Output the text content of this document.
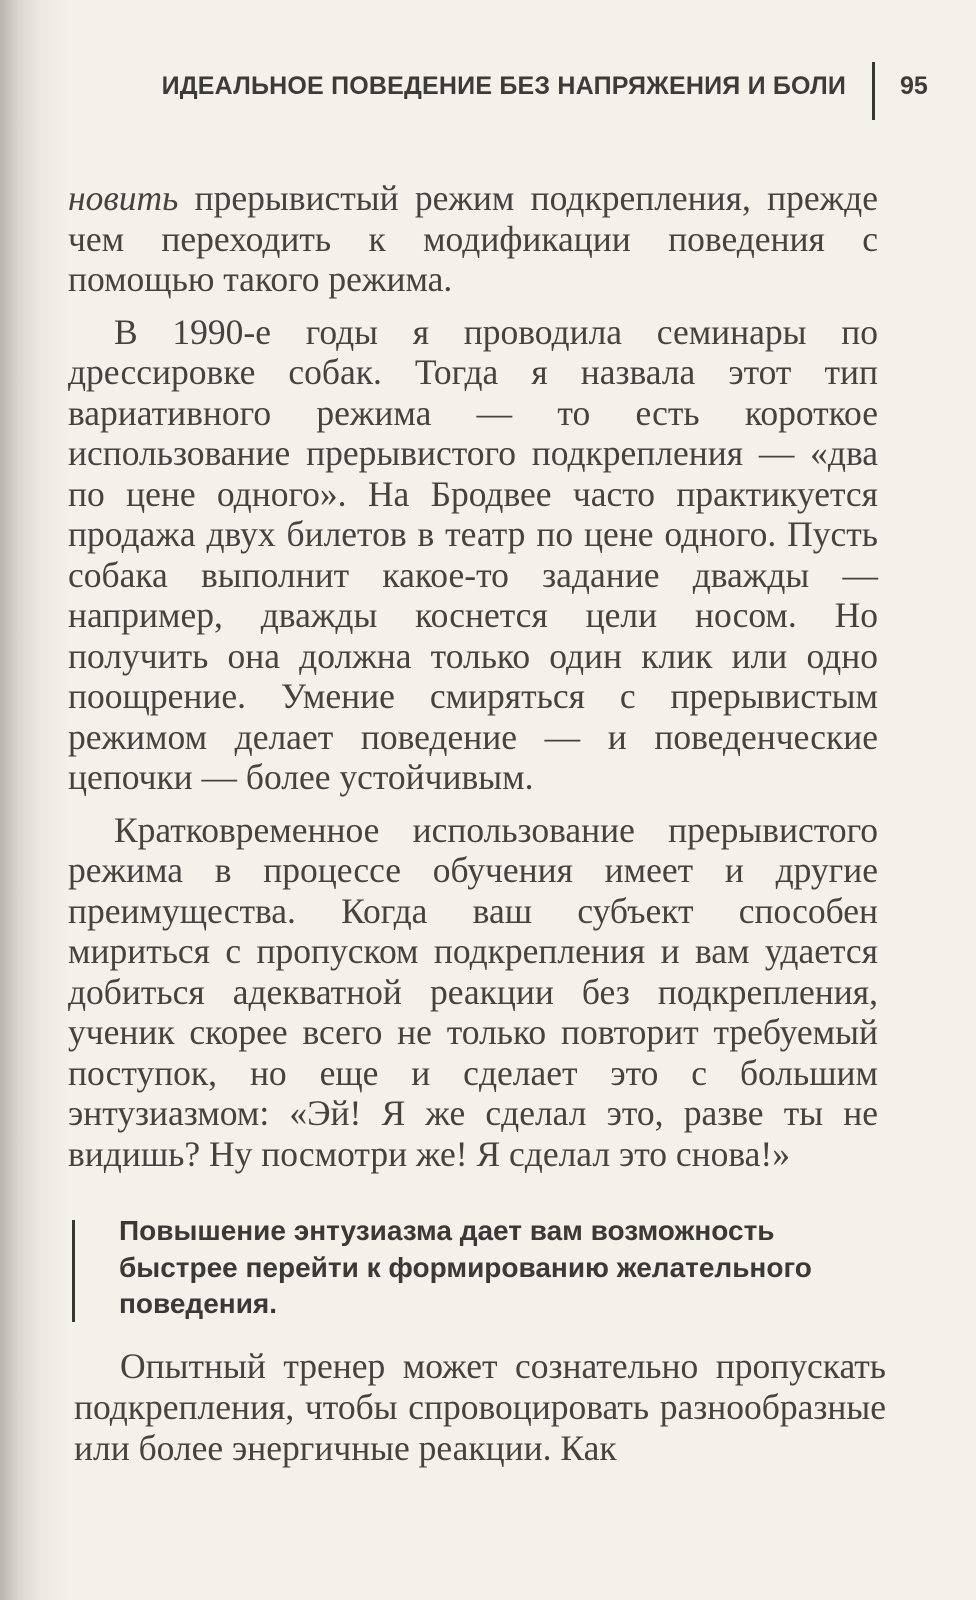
ИДЕАЛЬНОЕ ПОВЕДЕНИЕ БЕЗ НАПРЯЖЕНИЯ И БОЛИ 95

новить прерывистый режим подкрепления, прежде чем переходить к модификации поведения с помощью такого режима.

В 1990-е годы я проводила семинары по дрессировке собак. Тогда я назвала этот тип вариативного режима — то есть короткое использование прерывистого подкрепления — «два по цене одного». На Бродвее часто практикуется продажа двух билетов в театр по цене одного. Пусть собака выполнит какое-то задание дважды — например, дважды коснется цели носом. Но получить она должна только один клик или одно поощрение. Умение смиряться с прерывистым режимом делает поведение — и поведенческие цепочки — более устойчивым.

Кратковременное использование прерывистого режима в процессе обучения имеет и другие преимущества. Когда ваш субъект способен мириться с пропуском подкрепления и вам удается добиться адекватной реакции без подкрепления, ученик скорее всего не только повторит требуемый поступок, но еще и сделает это с большим энтузиазмом: «Эй! Я же сделал это, разве ты не видишь? Ну посмотри же! Я сделал это снова!»

Повышение энтузиазма дает вам возможность быстрее перейти к формированию желательного поведения.

Опытный тренер может сознательно пропускать подкрепления, чтобы спровоцировать разнообразные или более энергичные реакции. Как
